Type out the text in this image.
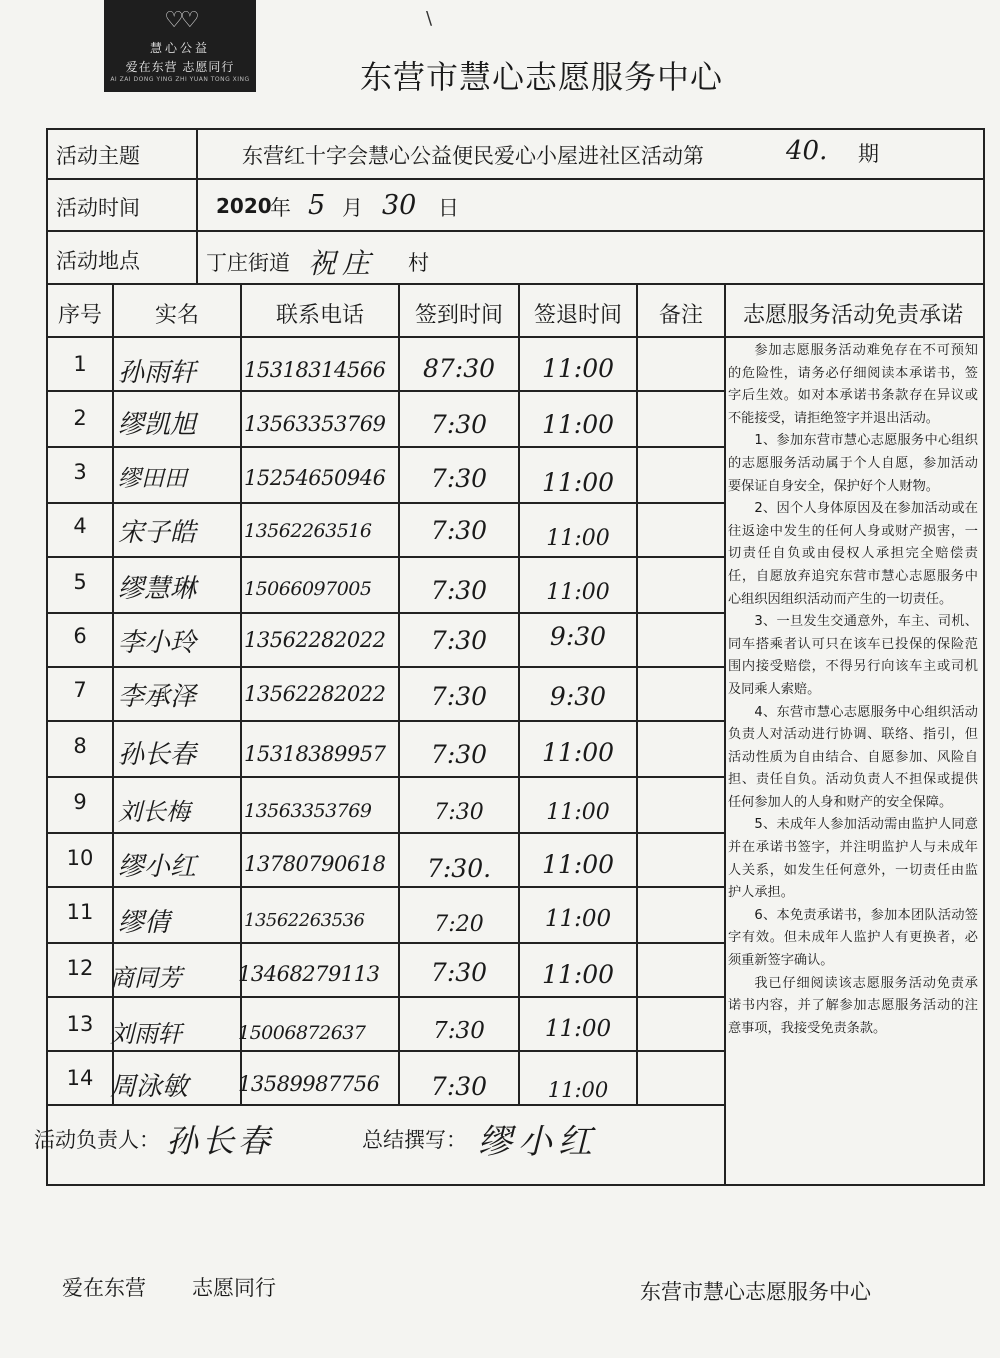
♡♡
慧心公益
爱在东营 志愿同行
AI ZAI DONG YING ZHI YUAN TONG XING
\
东营市慧心志愿服务中心
活动主题	东营红十字会慧心公益便民爱心小屋进社区活动第	40. 期
活动时间	2020
年 5 月 30 日
活动地点	丁庄街道 祝庄 村
序号	实名	联系电话	签到时间	签退时间	备注	志愿服务活动免责承诺
1	孙雨轩	15318314566	87:30	11:00
2	缪凯旭	13563353769	7:30	11:00
3	缪田田	15254650946	7:30	11:00
4	宋子皓	13562263516	7:30	11:00
5	缪慧琳	15066097005	7:30	11:00
6	李小玲	13562282022	7:30	9:30
7	李承泽	13562282022	7:30	9:30
8	孙长春	15318389957	7:30	11:00
9	刘长梅	13563353769	7:30	11:00
10 缪小红	13780790618	7:30.	11:00
11 缪倩	13562263536	7:20	11:00
12 商同芳	13468279113	7:30	11:00
13 刘雨轩	15006872637	7:30	11:00
14 周泳敏	13589987756	7:30	11:00

参加志愿服务活动难免存在不可预知的危险性，请务必仔细阅读本承诺书，签字后生效。如对本承诺书条款存在异议或不能接受，请拒绝签字并退出活动。

1、参加东营市慧心志愿服务中心组织的志愿服务活动属于个人自愿，参加活动要保证自身安全，保护好个人财物。

2、因个人身体原因及在参加活动或在往返途中发生的任何人身或财产损害，一切责任自负或由侵权人承担完全赔偿责任，自愿放弃追究东营市慧心志愿服务中心组织因组织活动而产生的一切责任。

3、一旦发生交通意外，车主、司机、同车搭乘者认可只在该车已投保的保险范围内接受赔偿，不得另行向该车主或司机及同乘人索赔。

4、东营市慧心志愿服务中心组织活动负责人对活动进行协调、联络、指引，但活动性质为自由结合、自愿参加、风险自担、责任自负。活动负责人不担保或提供任何参加人的人身和财产的安全保障。

5、未成年人参加活动需由监护人同意并在承诺书签字，并注明监护人与未成年人关系，如发生任何意外，一切责任由监护人承担。

6、本免责承诺书，参加本团队活动签字有效。但未成年人监护人有更换者，必须重新签字确认。

我已仔细阅读该志愿服务活动免责承诺书内容，并了解参加志愿服务活动的注意事项，我接受免责条款。

活动负责人： 孙长春	总结撰写： 缪小红
爱在东营 志愿同行	东营市慧心志愿服务中心
